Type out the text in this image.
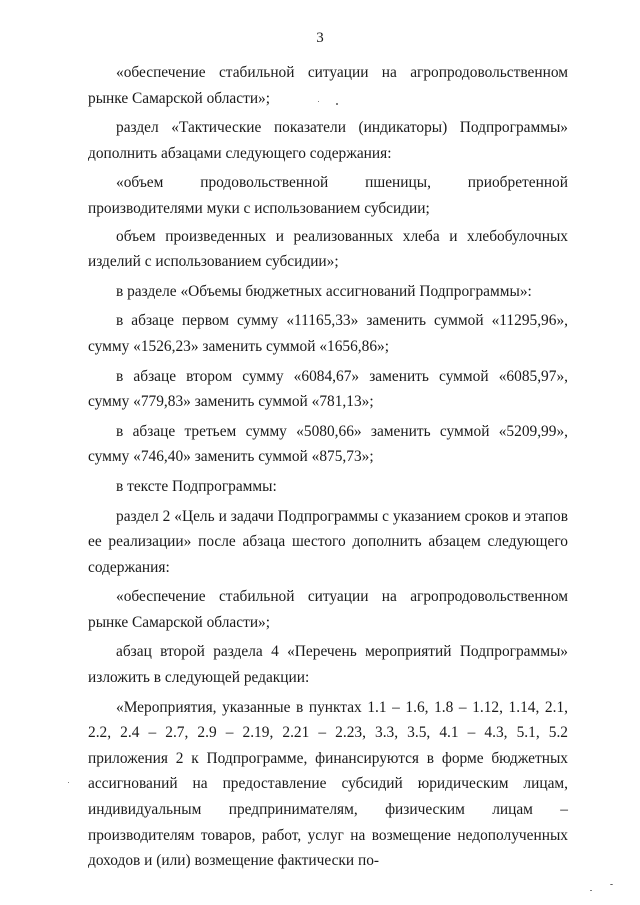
3

«обеспечение стабильной ситуации на агропродовольственном рынке Самарской области»;

раздел «Тактические показатели (индикаторы) Подпрограммы» дополнить абзацами следующего содержания:

«объем продовольственной пшеницы, приобретенной производителями муки с использованием субсидии;

объем произведенных и реализованных хлеба и хлебобулочных изделий с использованием субсидии»;

в разделе «Объемы бюджетных ассигнований Подпрограммы»:

в абзаце первом сумму «11165,33» заменить суммой «11295,96», сумму «1526,23» заменить суммой «1656,86»;

в абзаце втором сумму «6084,67» заменить суммой «6085,97», сумму «779,83» заменить суммой «781,13»;

в абзаце третьем сумму «5080,66» заменить суммой «5209,99», сумму «746,40» заменить суммой «875,73»;

в тексте Подпрограммы:

раздел 2 «Цель и задачи Подпрограммы с указанием сроков и этапов ее реализации» после абзаца шестого дополнить абзацем следующего содержания:

«обеспечение стабильной ситуации на агропродовольственном рынке Самарской области»;

абзац второй раздела 4 «Перечень мероприятий Подпрограммы» изложить в следующей редакции:

«Мероприятия, указанные в пунктах 1.1 – 1.6, 1.8 – 1.12, 1.14, 2.1, 2.2, 2.4 – 2.7, 2.9 – 2.19, 2.21 – 2.23, 3.3, 3.5, 4.1 – 4.3, 5.1, 5.2 приложения 2 к Подпрограмме, финансируются в форме бюджетных ассигнований на предоставление субсидий юридическим лицам, индивидуальным предпринимателям, физическим лицам – производителям товаров, работ, услуг на возмещение недополученных доходов и (или) возмещение фактически по-
